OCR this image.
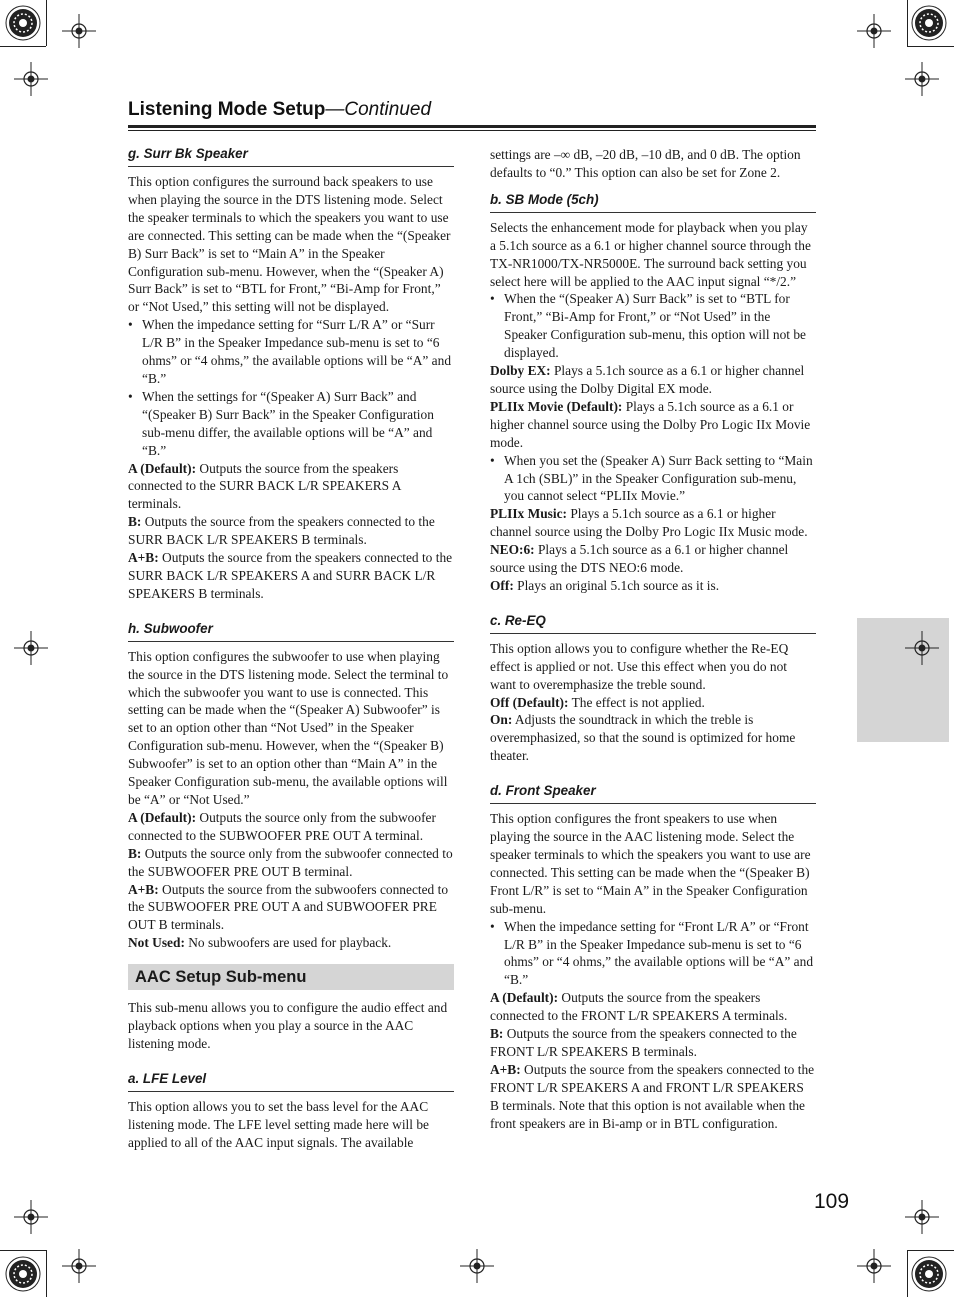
Listening Mode Setup—Continued
g. Surr Bk Speaker

This option configures the surround back speakers to use when playing the source in the DTS listening mode. Select the speaker terminals to which the speakers you want to use are connected. This setting can be made when the “(Speaker B) Surr Back” is set to “Main A” in the Speaker Configuration sub-menu. However, when the “(Speaker A) Surr Back” is set to “BTL for Front,” “Bi-Amp for Front,” or “Not Used,” this setting will not be displayed.

• When the impedance setting for “Surr L/R A” or “Surr L/R B” in the Speaker Impedance sub-menu is set to “6 ohms” or “4 ohms,” the available options will be “A” and “B.”

• When the settings for “(Speaker A) Surr Back” and “(Speaker B) Surr Back” in the Speaker Configuration sub-menu differ, the available options will be “A” and “B.”

A (Default): Outputs the source from the speakers connected to the SURR BACK L/R SPEAKERS A terminals.

B: Outputs the source from the speakers connected to the SURR BACK L/R SPEAKERS B terminals.

A+B: Outputs the source from the speakers connected to the SURR BACK L/R SPEAKERS A and SURR BACK L/R SPEAKERS B terminals.

h. Subwoofer

This option configures the subwoofer to use when playing the source in the DTS listening mode. Select the terminal to which the subwoofer you want to use is connected. This setting can be made when the “(Speaker A) Subwoofer” is set to an option other than “Not Used” in the Speaker Configuration sub-menu. However, when the “(Speaker B) Subwoofer” is set to an option other than “Main A” in the Speaker Configuration sub-menu, the available options will be “A” or “Not Used.”

A (Default): Outputs the source only from the subwoofer connected to the SUBWOOFER PRE OUT A terminal.

B: Outputs the source only from the subwoofer connected to the SUBWOOFER PRE OUT B terminal.

A+B: Outputs the source from the subwoofers connected to the SUBWOOFER PRE OUT A and SUBWOOFER PRE OUT B terminals.

Not Used: No subwoofers are used for playback.

AAC Setup Sub-menu

This sub-menu allows you to configure the audio effect and playback options when you play a source in the AAC listening mode.

a. LFE Level

This option allows you to set the bass level for the AAC listening mode. The LFE level setting made here will be applied to all of the AAC input signals. The available

settings are –∞ dB, –20 dB, –10 dB, and 0 dB. The option defaults to “0.” This option can also be set for Zone 2.

b. SB Mode (5ch)

Selects the enhancement mode for playback when you play a 5.1ch source as a 6.1 or higher channel source through the TX-NR1000/TX-NR5000E. The surround back setting you select here will be applied to the AAC input signal “*/2.”

• When the “(Speaker A) Surr Back” is set to “BTL for Front,” “Bi-Amp for Front,” or “Not Used” in the Speaker Configuration sub-menu, this option will not be displayed.

Dolby EX: Plays a 5.1ch source as a 6.1 or higher channel source using the Dolby Digital EX mode.

PLIIx Movie (Default): Plays a 5.1ch source as a 6.1 or higher channel source using the Dolby Pro Logic IIx Movie mode.

• When you set the (Speaker A) Surr Back setting to “Main A 1ch (SBL)” in the Speaker Configuration sub-menu, you cannot select “PLIIx Movie.”

PLIIx Music: Plays a 5.1ch source as a 6.1 or higher channel source using the Dolby Pro Logic IIx Music mode.

NEO:6: Plays a 5.1ch source as a 6.1 or higher channel source using the DTS NEO:6 mode.

Off: Plays an original 5.1ch source as it is.

c. Re-EQ

This option allows you to configure whether the Re-EQ effect is applied or not. Use this effect when you do not want to overemphasize the treble sound.

Off (Default): The effect is not applied.

On: Adjusts the soundtrack in which the treble is overemphasized, so that the sound is optimized for home theater.

d. Front Speaker

This option configures the front speakers to use when playing the source in the AAC listening mode. Select the speaker terminals to which the speakers you want to use are connected. This setting can be made when the “(Speaker B) Front L/R” is set to “Main A” in the Speaker Configuration sub-menu.

• When the impedance setting for “Front L/R A” or “Front L/R B” in the Speaker Impedance sub-menu is set to “6 ohms” or “4 ohms,” the available options will be “A” and “B.”

A (Default): Outputs the source from the speakers connected to the FRONT L/R SPEAKERS A terminals.

B: Outputs the source from the speakers connected to the FRONT L/R SPEAKERS B terminals.

A+B: Outputs the source from the speakers connected to the FRONT L/R SPEAKERS A and FRONT L/R SPEAKERS B terminals. Note that this option is not available when the front speakers are in Bi-amp or in BTL configuration.

109
